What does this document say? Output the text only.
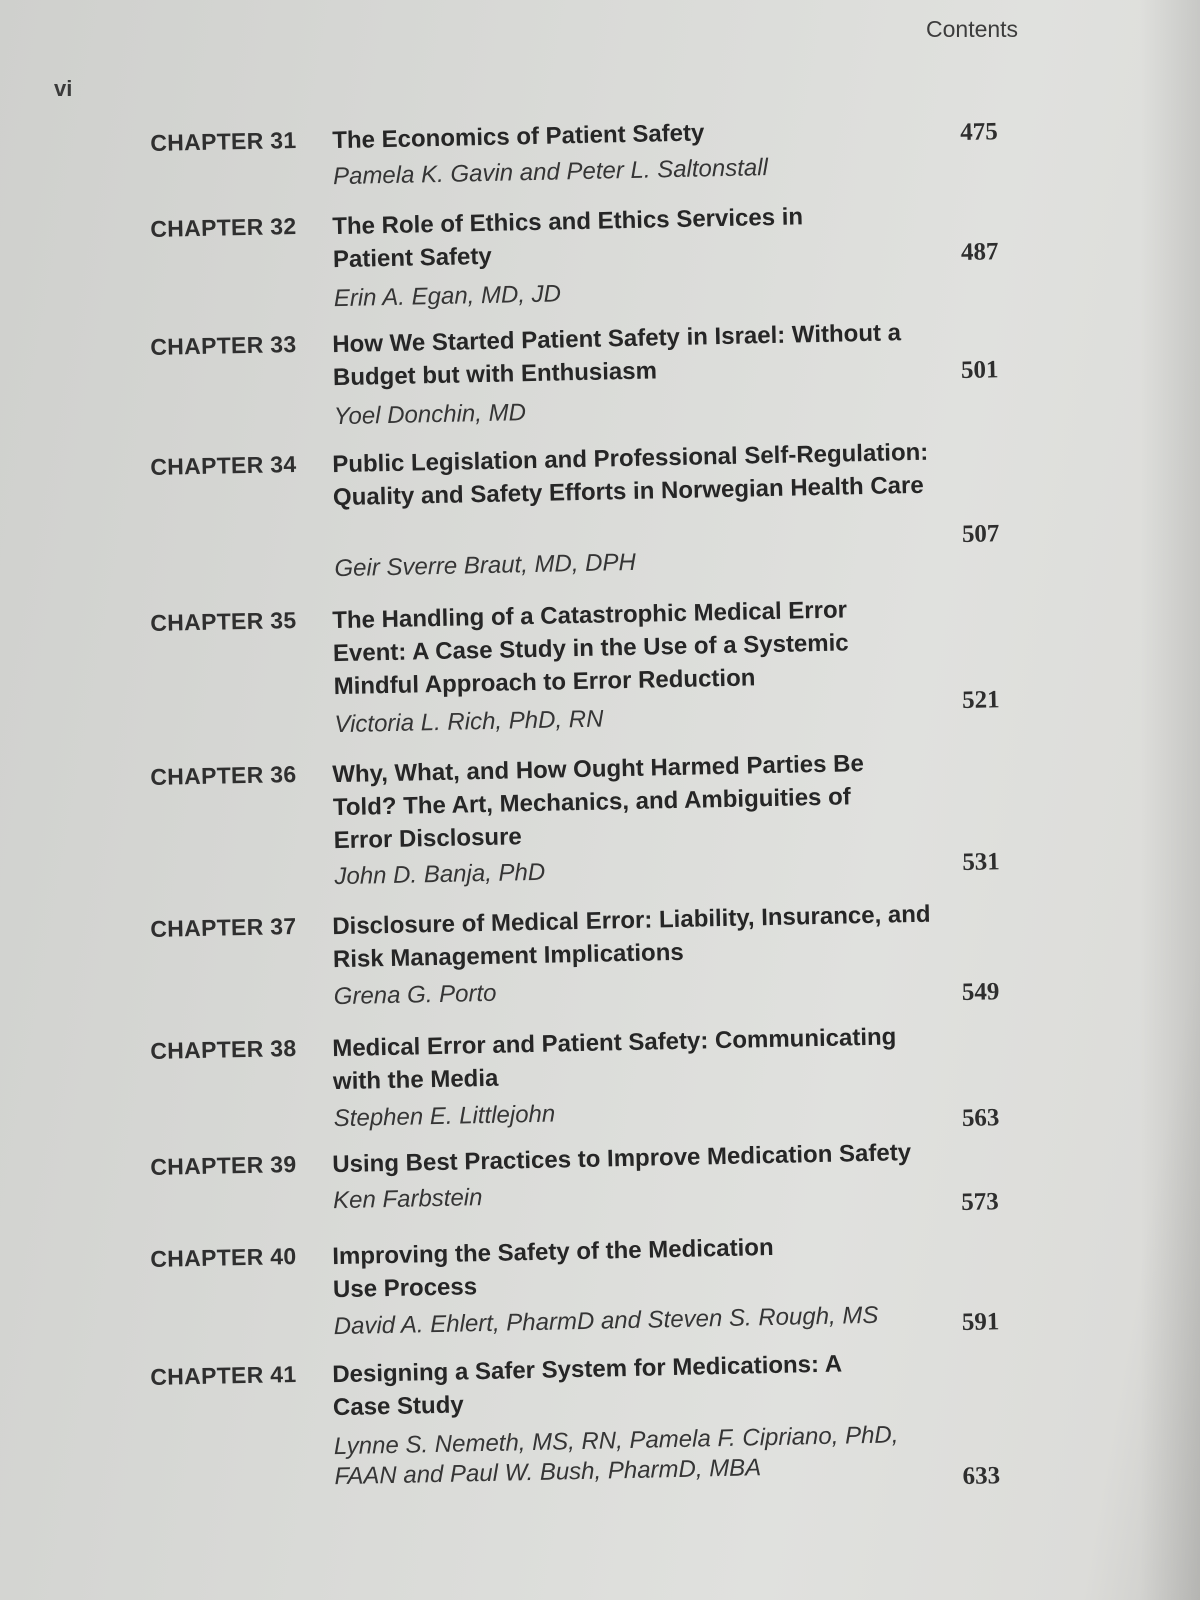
Contents
vi
CHAPTER 31 The Economics of Patient Safety
Pamela K. Gavin and Peter L. Saltonstall
475
CHAPTER 32 The Role of Ethics and Ethics Services in Patient Safety
Erin A. Egan, MD, JD
487
CHAPTER 33 How We Started Patient Safety in Israel: Without a Budget but with Enthusiasm
Yoel Donchin, MD
501
CHAPTER 34 Public Legislation and Professional Self-Regulation: Quality and Safety Efforts in Norwegian Health Care
Geir Sverre Braut, MD, DPH
507
CHAPTER 35 The Handling of a Catastrophic Medical Error Event: A Case Study in the Use of a Systemic Mindful Approach to Error Reduction
Victoria L. Rich, PhD, RN
521
CHAPTER 36 Why, What, and How Ought Harmed Parties Be Told? The Art, Mechanics, and Ambiguities of Error Disclosure
John D. Banja, PhD	531
CHAPTER 37 Disclosure of Medical Error: Liability, Insurance, and Risk Management Implications
Grena G. Porto	549
CHAPTER 38 Medical Error and Patient Safety: Communicating with the Media
Stephen E. Littlejohn	563
CHAPTER 39 Using Best Practices to Improve Medication Safety
Ken Farbstein	573
CHAPTER 40 Improving the Safety of the Medication Use Process
David A. Ehlert, PharmD and Steven S. Rough, MS	591
CHAPTER 41 Designing a Safer System for Medications: A Case Study
Lynne S. Nemeth, MS, RN, Pamela F. Cipriano, PhD, FAAN and Paul W. Bush, PharmD, MBA	633
